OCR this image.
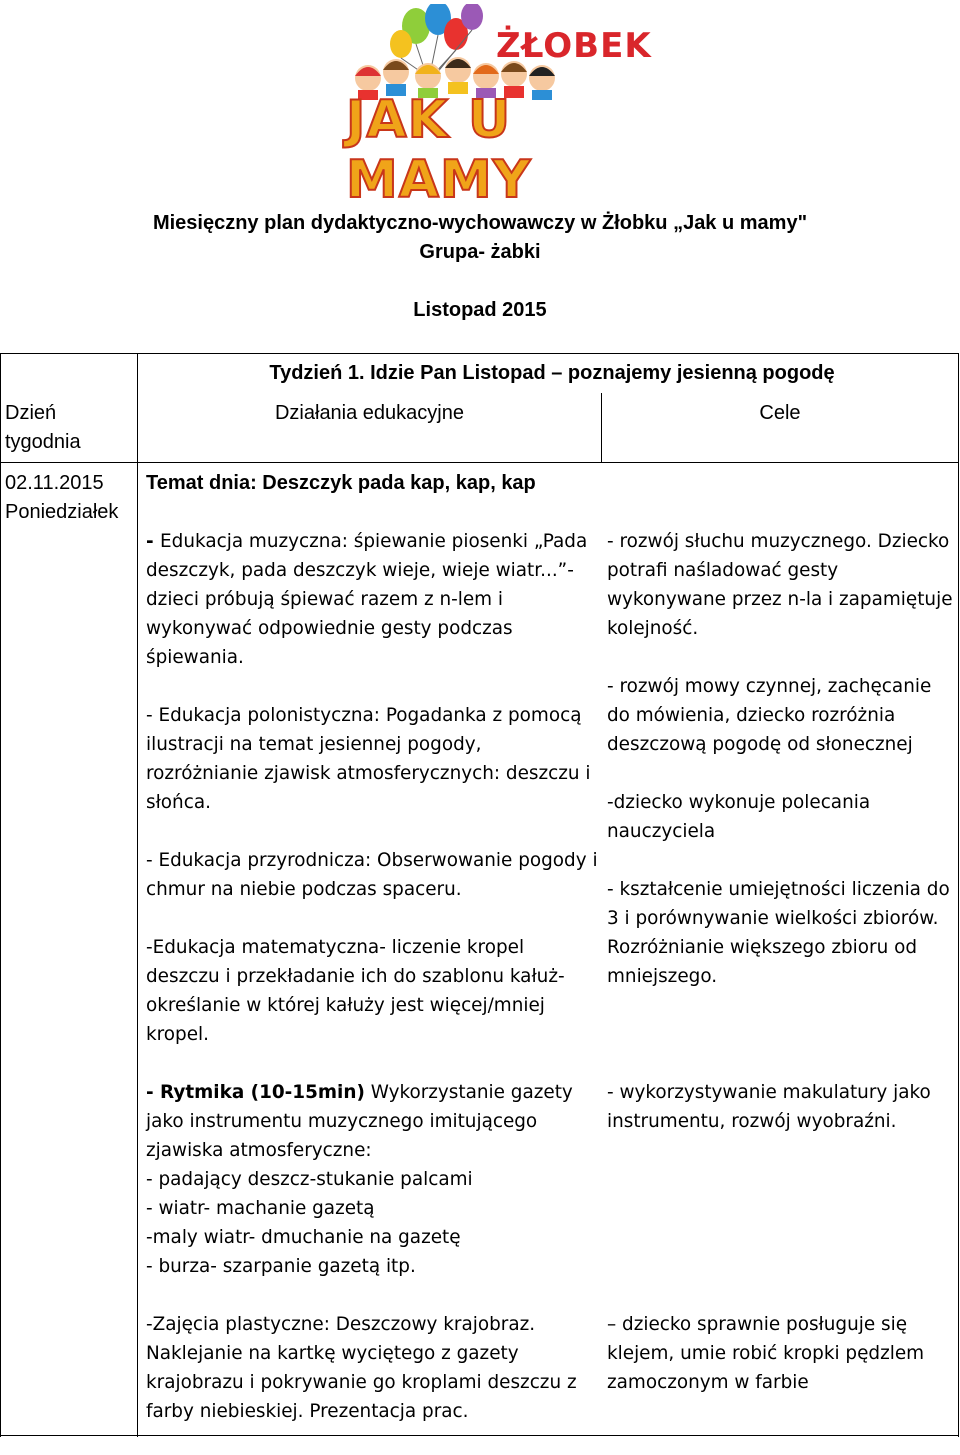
ŻŁOBEK
JAK U MAMY
Miesięczny plan dydaktyczno-wychowawczy w Żłobku „Jak u mamy"
Grupa- żabki
Listopad 2015
Dzień tygodnia
Tydzień 1. Idzie Pan Listopad – poznajemy jesienną pogodę
Działania edukacyjne	Cele
02.11.2015
Poniedziałek
Temat dnia: Deszczyk pada kap, kap, kap

- Edukacja muzyczna: śpiewanie piosenki „Pada deszczyk, pada deszczyk wieje, wieje wiatr...”- dzieci próbują śpiewać razem z n-lem i wykonywać odpowiednie gesty podczas śpiewania.

- Edukacja polonistyczna: Pogadanka z pomocą ilustracji na temat jesiennej pogody, rozróżnianie zjawisk atmosferycznych: deszczu i słońca.

- Edukacja przyrodnicza: Obserwowanie pogody i chmur na niebie podczas spaceru.

-Edukacja matematyczna- liczenie kropel deszczu i przekładanie ich do szablonu kałuż- określanie w której kałuży jest więcej/mniej kropel.

- Rytmika (10-15min) Wykorzystanie gazety jako instrumentu muzycznego imitującego zjawiska atmosferyczne:
- padający deszcz-stukanie palcami
- wiatr- machanie gazetą
-maly wiatr- dmuchanie na gazetę
- burza- szarpanie gazetą itp.

-Zajęcia plastyczne: Deszczowy krajobraz. Naklejanie na kartkę wyciętego z gazety krajobrazu i pokrywanie go kroplami deszczu z farby niebieskiej. Prezentacja prac.

- rozwój słuchu muzycznego. Dziecko potrafi naśladować gesty wykonywane przez n-la i zapamiętuje kolejność.

- rozwój mowy czynnej, zachęcanie do mówienia, dziecko rozróżnia deszczową pogodę od słonecznej

-dziecko wykonuje polecania nauczyciela

- kształcenie umiejętności liczenia do 3 i porównywanie wielkości zbiorów. Rozróżnianie większego zbioru od mniejszego.

- wykorzystywanie makulatury jako instrumentu, rozwój wyobraźni.

– dziecko sprawnie posługuje się klejem, umie robić kropki pędzlem zamoczonym w farbie
